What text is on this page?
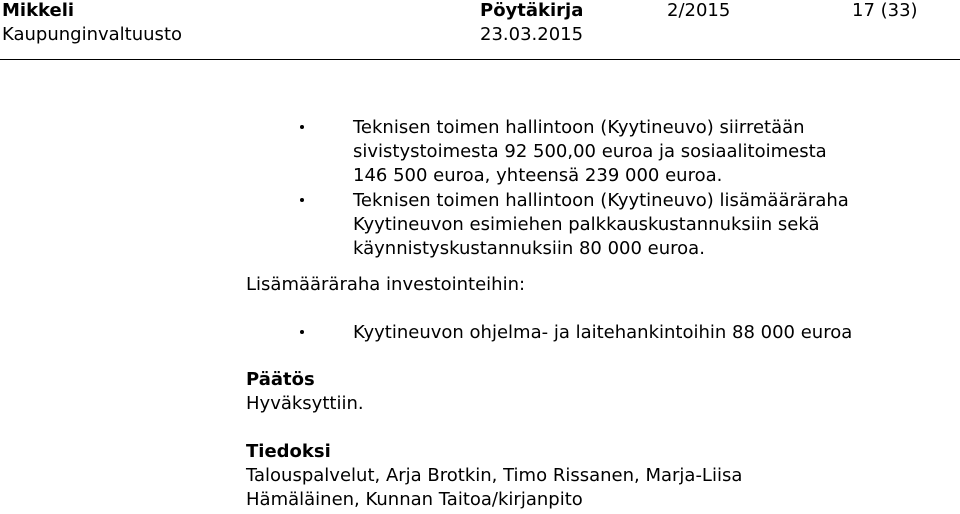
Mikkeli
Kaupunginvaltuusto
Pöytäkirja
23.03.2015
2/2015	17 (33)
Teknisen toimen hallintoon (Kyytineuvo) siirretään
sivistystoimesta 92 500,00 euroa ja sosiaalitoimesta
146 500 euroa, yhteensä 239 000 euroa.
Teknisen toimen hallintoon (Kyytineuvo) lisämääräraha
Kyytineuvon esimiehen palkkauskustannuksiin sekä
käynnistyskustannuksiin 80 000 euroa.
Lisämääräraha investointeihin:
Kyytineuvon ohjelma- ja laitehankintoihin 88 000 euroa
Päätös
Hyväksyttiin.
Tiedoksi
Talouspalvelut, Arja Brotkin, Timo Rissanen, Marja-Liisa
Hämäläinen, Kunnan Taitoa/kirjanpito
